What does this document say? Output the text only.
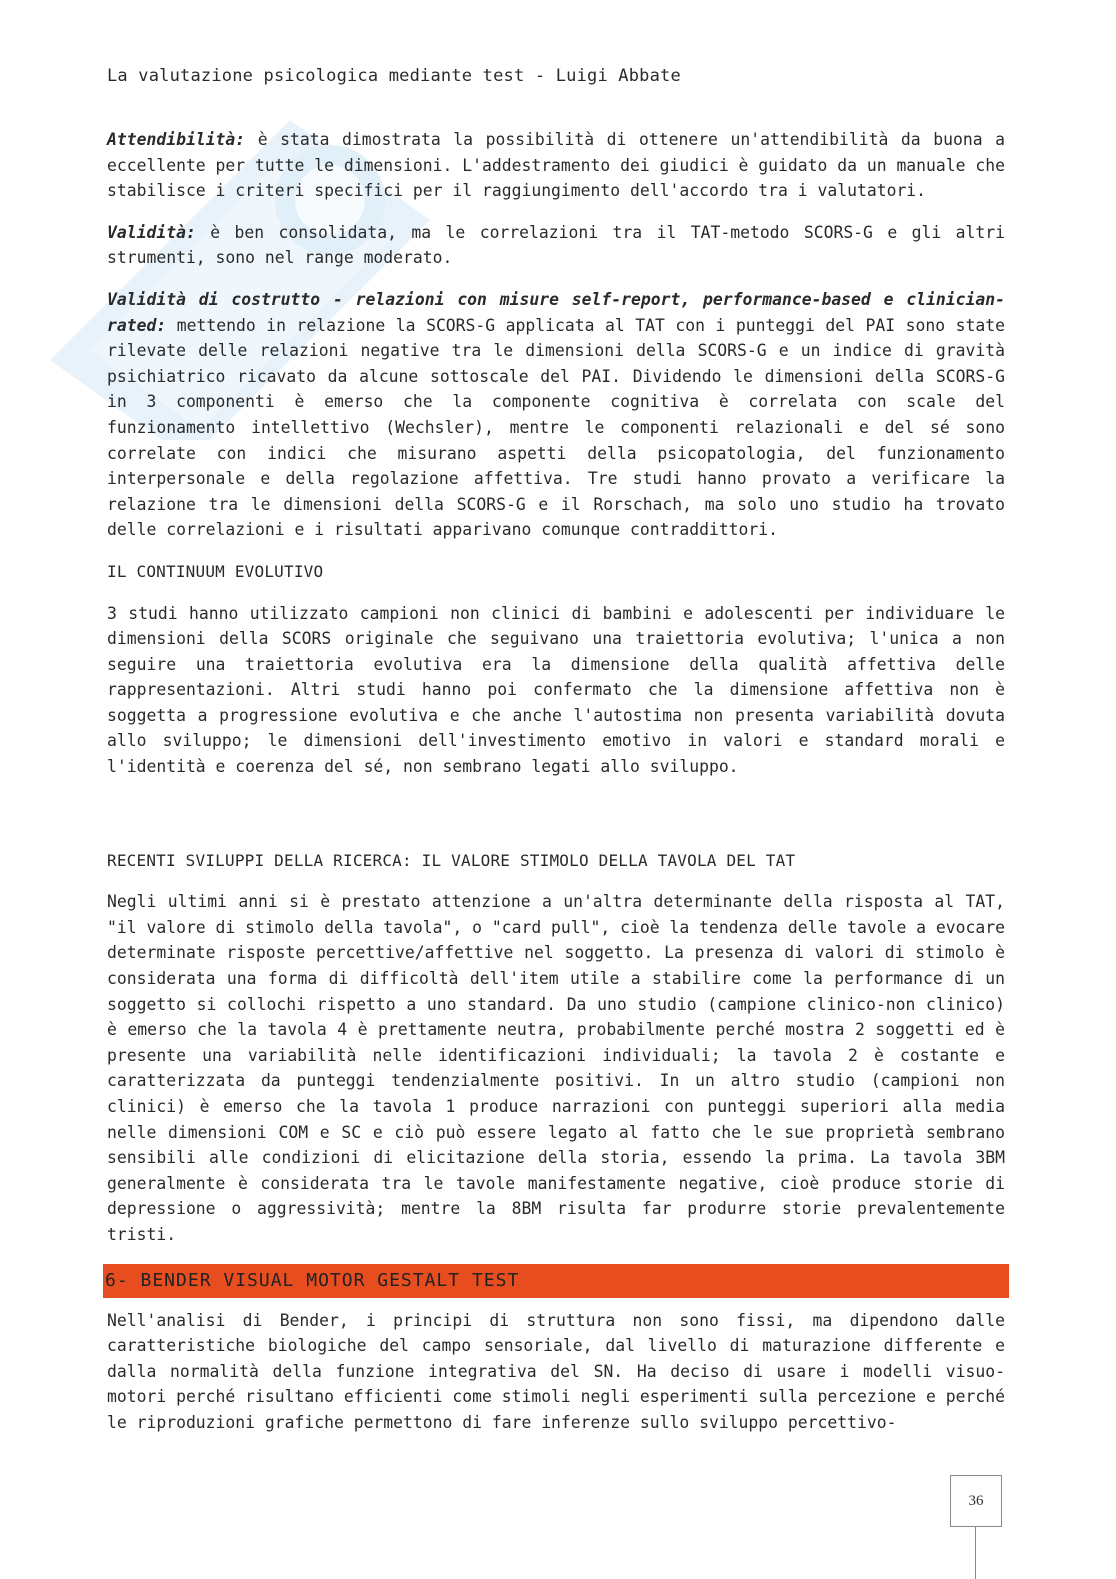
La valutazione psicologica mediante test - Luigi Abbate

Attendibilità: è stata dimostrata la possibilità di ottenere un'attendibilità da buona a eccellente per tutte le dimensioni. L'addestramento dei giudici è guidato da un manuale che stabilisce i criteri specifici per il raggiungimento dell'accordo tra i valutatori.

Validità: è ben consolidata, ma le correlazioni tra il TAT-metodo SCORS-G e gli altri strumenti, sono nel range moderato.

Validità di costrutto - relazioni con misure self-report, performance-based e clinician-rated: mettendo in relazione la SCORS-G applicata al TAT con i punteggi del PAI sono state rilevate delle relazioni negative tra le dimensioni della SCORS-G e un indice di gravità psichiatrico ricavato da alcune sottoscale del PAI. Dividendo le dimensioni della SCORS-G in 3 componenti è emerso che la componente cognitiva è correlata con scale del funzionamento intellettivo (Wechsler), mentre le componenti relazionali e del sé sono correlate con indici che misurano aspetti della psicopatologia, del funzionamento interpersonale e della regolazione affettiva. Tre studi hanno provato a verificare la relazione tra le dimensioni della SCORS-G e il Rorschach, ma solo uno studio ha trovato delle correlazioni e i risultati apparivano comunque contraddittori.

IL CONTINUUM EVOLUTIVO

3 studi hanno utilizzato campioni non clinici di bambini e adolescenti per individuare le dimensioni della SCORS originale che seguivano una traiettoria evolutiva; l'unica a non seguire una traiettoria evolutiva era la dimensione della qualità affettiva delle rappresentazioni. Altri studi hanno poi confermato che la dimensione affettiva non è soggetta a progressione evolutiva e che anche l'autostima non presenta variabilità dovuta allo sviluppo; le dimensioni dell'investimento emotivo in valori e standard morali e l'identità e coerenza del sé, non sembrano legati allo sviluppo.

RECENTI SVILUPPI DELLA RICERCA: IL VALORE STIMOLO DELLA TAVOLA DEL TAT

Negli ultimi anni si è prestato attenzione a un'altra determinante della risposta al TAT, "il valore di stimolo della tavola", o "card pull", cioè la tendenza delle tavole a evocare determinate risposte percettive/affettive nel soggetto. La presenza di valori di stimolo è considerata una forma di difficoltà dell'item utile a stabilire come la performance di un soggetto si collochi rispetto a uno standard. Da uno studio (campione clinico-non clinico) è emerso che la tavola 4 è prettamente neutra, probabilmente perché mostra 2 soggetti ed è presente una variabilità nelle identificazioni individuali; la tavola 2 è costante e caratterizzata da punteggi tendenzialmente positivi. In un altro studio (campioni non clinici) è emerso che la tavola 1 produce narrazioni con punteggi superiori alla media nelle dimensioni COM e SC e ciò può essere legato al fatto che le sue proprietà sembrano sensibili alle condizioni di elicitazione della storia, essendo la prima. La tavola 3BM generalmente è considerata tra le tavole manifestamente negative, cioè produce storie di depressione o aggressività; mentre la 8BM risulta far produrre storie prevalentemente tristi.

6- BENDER VISUAL MOTOR GESTALT TEST

Nell'analisi di Bender, i principi di struttura non sono fissi, ma dipendono dalle caratteristiche biologiche del campo sensoriale, dal livello di maturazione differente e dalla normalità della funzione integrativa del SN. Ha deciso di usare i modelli visuo-motori perché risultano efficienti come stimoli negli esperimenti sulla percezione e perché le riproduzioni grafiche permettono di fare inferenze sullo sviluppo percettivo-

36
